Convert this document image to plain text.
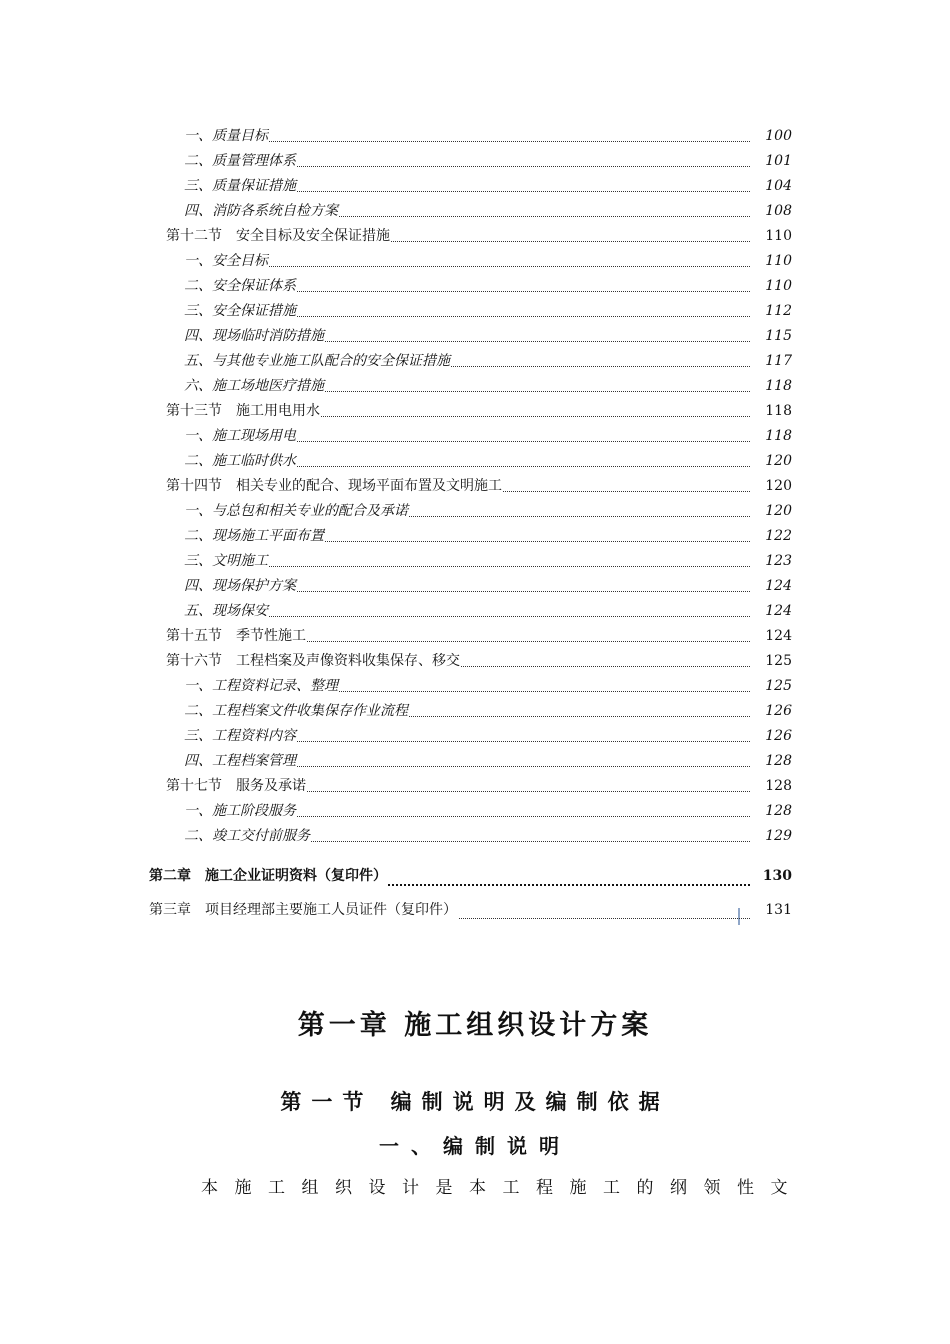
一、质量目标	100
二、质量管理体系	101
三、质量保证措施	104
四、消防各系统自检方案	108
第十二节　安全目标及安全保证措施	110
一、安全目标	110
二、安全保证体系	110
三、安全保证措施	112
四、现场临时消防措施	115
五、与其他专业施工队配合的安全保证措施	117
六、施工场地医疗措施	118
第十三节　施工用电用水	118
一、施工现场用电	118
二、施工临时供水	120
第十四节　相关专业的配合、现场平面布置及文明施工	120
一、与总包和相关专业的配合及承诺	120
二、现场施工平面布置	122
三、文明施工	123
四、现场保护方案	124
五、现场保安	124
第十五节　季节性施工	124
第十六节　工程档案及声像资料收集保存、移交	125
一、工程资料记录、整理	125
二、工程档案文件收集保存作业流程	126
三、工程资料内容	126
四、工程档案管理	128
第十七节　服务及承诺	128
一、施工阶段服务	128
二、竣工交付前服务	129
第二章　施工企业证明资料（复印件）	130
第三章　项目经理部主要施工人员证件（复印件）	131
第一章 施工组织设计方案
第一节 编制说明及编制依据
一、编制说明
本施工组织设计是本工程施工的纲领性文
